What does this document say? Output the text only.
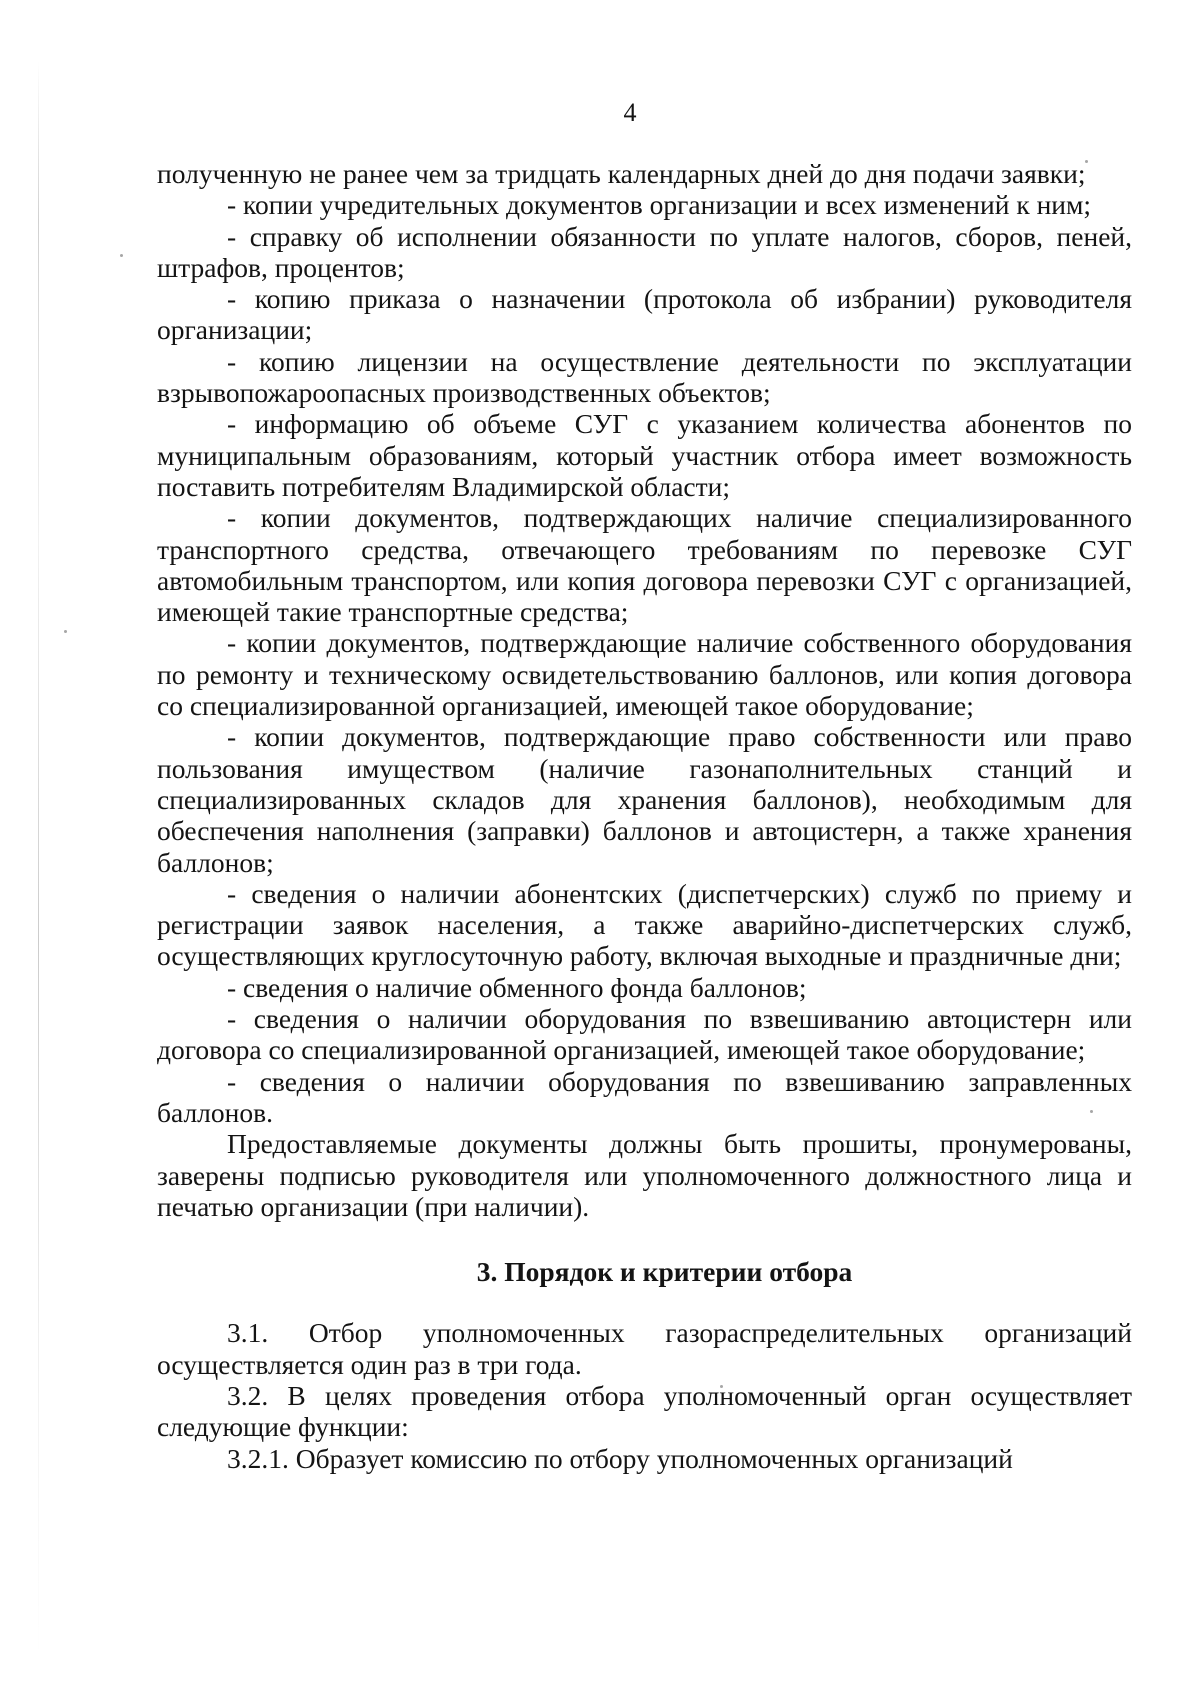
4

полученную не ранее чем за тридцать календарных дней до дня подачи заявки;

- копии учредительных документов организации и всех изменений к ним;

- справку об исполнении обязанности по уплате налогов, сборов, пеней, штрафов, процентов;

- копию приказа о назначении (протокола об избрании) руководителя организации;

- копию лицензии на осуществление деятельности по эксплуатации взрывопожароопасных производственных объектов;

- информацию об объеме СУГ с указанием количества абонентов по муниципальным образованиям, который участник отбора имеет возможность поставить потребителям Владимирской области;

- копии документов, подтверждающих наличие специализированного транспортного средства, отвечающего требованиям по перевозке СУГ автомобильным транспортом, или копия договора перевозки СУГ с организацией, имеющей такие транспортные средства;

- копии документов, подтверждающие наличие собственного оборудования по ремонту и техническому освидетельствованию баллонов, или копия договора со специализированной организацией, имеющей такое оборудование;

- копии документов, подтверждающие право собственности или право пользования имуществом (наличие газонаполнительных станций и специализированных складов для хранения баллонов), необходимым для обеспечения наполнения (заправки) баллонов и автоцистерн, а также хранения баллонов;

- сведения о наличии абонентских (диспетчерских) служб по приему и регистрации заявок населения, а также аварийно-диспетчерских служб, осуществляющих круглосуточную работу, включая выходные и праздничные дни;

- сведения о наличие обменного фонда баллонов;

- сведения о наличии оборудования по взвешиванию автоцистерн или договора со специализированной организацией, имеющей такое оборудование;

- сведения о наличии оборудования по взвешиванию заправленных баллонов.

Предоставляемые документы должны быть прошиты, пронумерованы, заверены подписью руководителя или уполномоченного должностного лица и печатью организации (при наличии).

3. Порядок и критерии отбора

3.1. Отбор уполномоченных газораспределительных организаций осуществляется один раз в три года.

3.2. В целях проведения отбора уполномоченный орган осуществляет следующие функции:

3.2.1. Образует комиссию по отбору уполномоченных организаций
